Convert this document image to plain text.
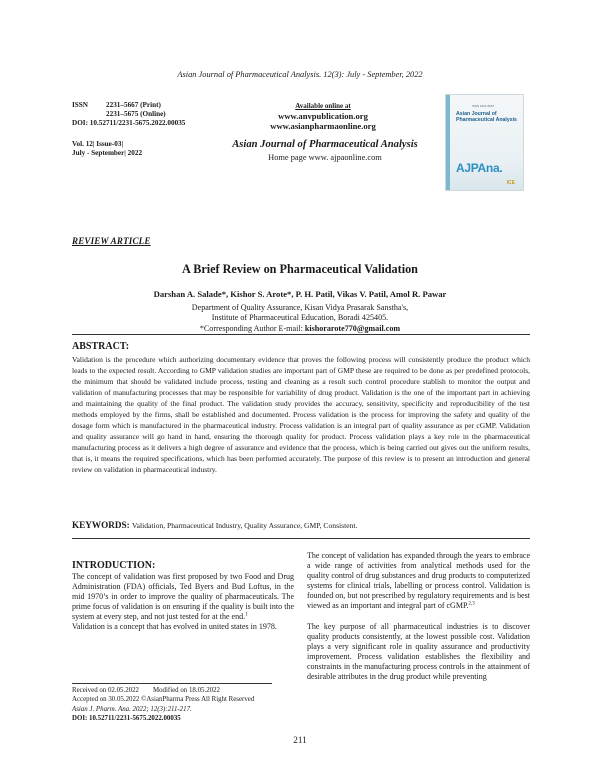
Asian Journal of Pharmaceutical Analysis. 12(3): July - September, 2022
ISSN	2231–5667 (Print)
2231–5675 (Online)
DOI: 10.52711/2231-5675.2022.00035
Vol. 12| Issue-03|
July - September| 2022
Available online at
www.anvpublication.org
www.asianpharmaonline.org
Asian Journal of Pharmaceutical Analysis
Home page www. ajpaonline.com
ISSN 2231-5667
Asian Journal of Pharmaceutical Analysis
AJPAna.
ICE
REVIEW ARTICLE
A Brief Review on Pharmaceutical Validation
Darshan A. Salade*, Kishor S. Arote*, P. H. Patil, Vikas V. Patil, Amol R. Pawar
Department of Quality Assurance, Kisan Vidya Prasarak Sanstha's,
Institute of Pharmaceutical Education, Boradi 425405.
*Corresponding Author E-mail: kishorarote770@gmail.com
ABSTRACT:
Validation is the procedure which authorizing documentary evidence that proves the following process will consistently produce the product which leads to the expected result. According to GMP validation studies are important part of GMP these are required to be done as per predefined protocols, the minimum that should be validated include process, testing and cleaning as a result such control procedure stablish to monitor the output and validation of manufacturing processes that may be responsible for variability of drug product. Validation is the one of the important part in achieving and maintaining the quality of the final product. The validation study provides the accuracy, sensitivity, specificity and reproducibility of the test methods employed by the firms, shall be established and documented. Process validation is the process for improving the safety and quality of the dosage form which is manufactured in the pharmaceutical industry. Process validation is an integral part of quality assurance as per cGMP. Validation and quality assurance will go hand in hand, ensuring the thorough quality for product. Process validation plays a key role in the pharmaceutical manufacturing process as it delivers a high degree of assurance and evidence that the process, which is being carried out gives out the uniform results, that is, it means the required specifications, which has been performed accurately. The purpose of this review is to present an introduction and general review on validation in pharmaceutical industry.
KEYWORDS: Validation, Pharmaceutical Industry, Quality Assurance, GMP, Consistent.
INTRODUCTION:
The concept of validation was first proposed by two Food and Drug Administration (FDA) officials, Ted Byers and Bud Loftus, in the mid 1970’s in order to improve the quality of pharmaceuticals. The prime focus of validation is on ensuring if the quality is built into the system at every step, and not just tested for at the end.$^1$
Validation is a concept that has evolved in united states in 1978.
The concept of validation has expanded through the years to embrace a wide range of activities from analytical methods used for the quality control of drug substances and drug products to computerized systems for clinical trials, labelling or process control. Validation is founded on, but not prescribed by regulatory requirements and is best viewed as an important and integral part of cGMP.$^{2,3}$
The key purpose of all pharmaceutical industries is to discover quality products consistently, at the lowest possible cost. Validation plays a very significant role in quality assurance and productivity improvement. Process validation establishes the flexibility and constraints in the manufacturing process controls in the attainment of desirable attributes in the drug product while preventing
Received on 02.05.2022 Modified on 18.05.2022
Accepted on 30.05.2022 ©AsianPharma Press All Right Reserved
Asian J. Pharm. Ana. 2022; 12(3):211-217.
DOI: 10.52711/2231-5675.2022.00035
211
